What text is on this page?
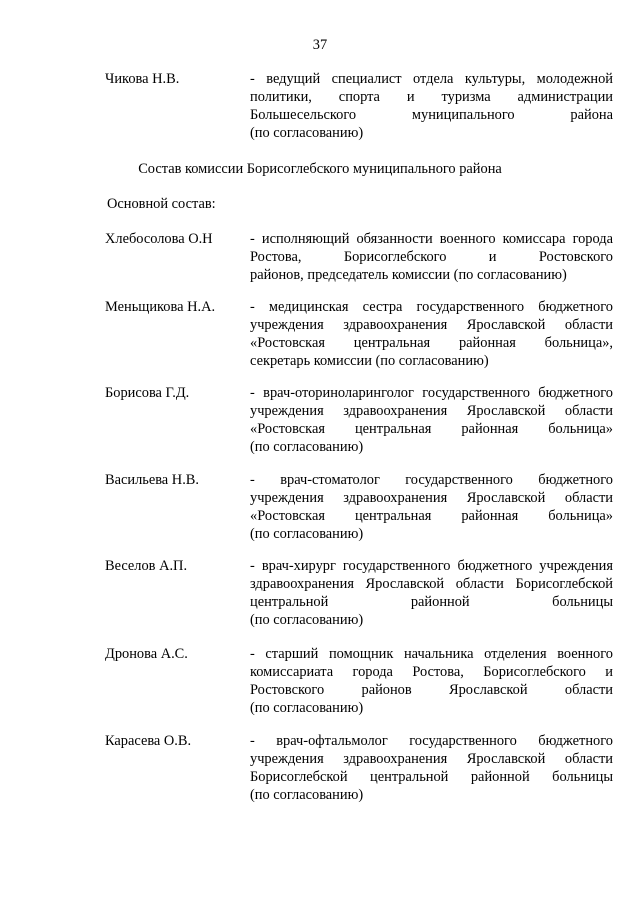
37
Чикова Н.В.	- ведущий специалист отдела культуры, молодежной политики, спорта и туризма администрации Большесельского муниципального района
(по согласованию)
Состав комиссии Борисоглебского муниципального района
Основной состав:
Хлебосолова О.Н	- исполняющий обязанности военного комиссара города Ростова, Борисоглебского и Ростовского
районов, председатель комиссии (по согласованию)
Меньщикова Н.А.	- медицинская сестра государственного бюджетного учреждения здравоохранения Ярославской области «Ростовская центральная районная больница»,
секретарь комиссии (по согласованию)
Борисова Г.Д.	- врач-оториноларинголог государственного бюджетного учреждения здравоохранения Ярославской области «Ростовская центральная районная больница»
(по согласованию)
Васильева Н.В.	- врач-стоматолог государственного бюджетного учреждения здравоохранения Ярославской области «Ростовская центральная районная больница»
(по согласованию)
Веселов А.П.	- врач-хирург государственного бюджетного учреждения здравоохранения Ярославской области Борисоглебской центральной районной больницы
(по согласованию)
Дронова А.С.	- старший помощник начальника отделения военного комиссариата города Ростова, Борисоглебского и Ростовского районов Ярославской области
(по согласованию)
Карасева О.В.	- врач-офтальмолог государственного бюджетного учреждения здравоохранения Ярославской области Борисоглебской центральной районной больницы
(по согласованию)
